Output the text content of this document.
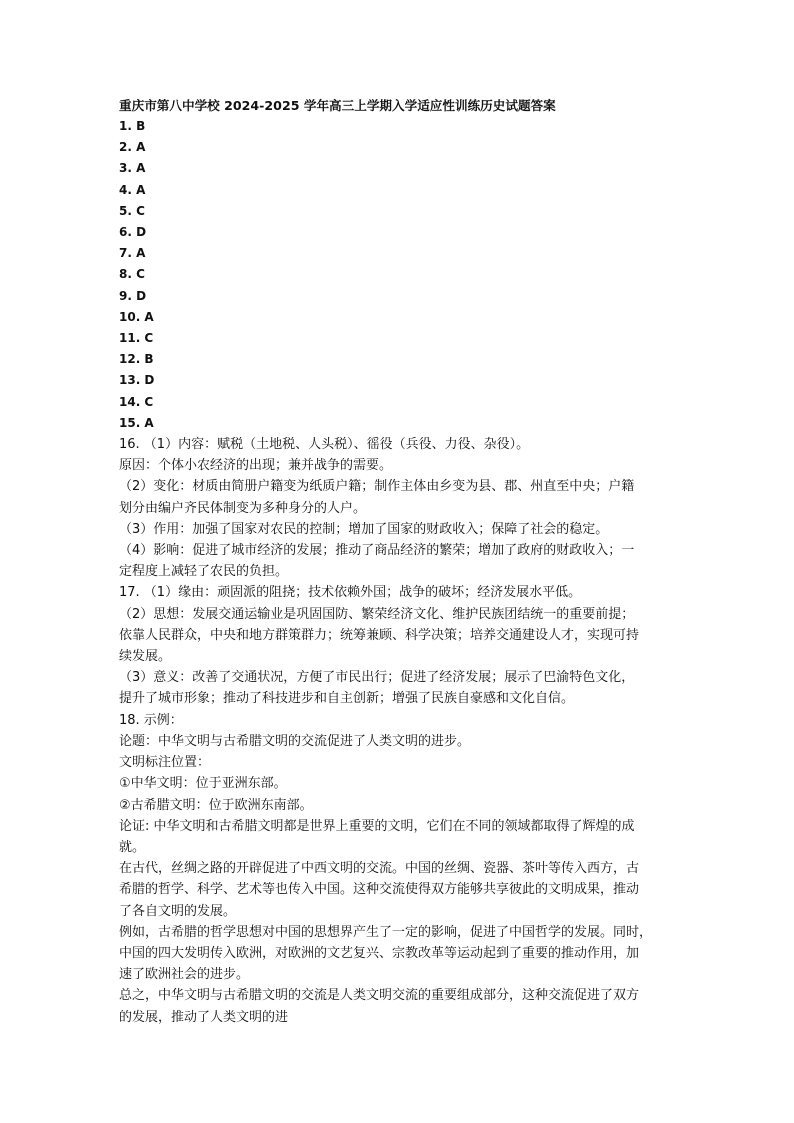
重庆市第八中学校 2024-2025 学年高三上学期入学适应性训练历史试题答案
1. B
2. A
3. A
4. A
5. C
6. D
7. A
8. C
9. D
10. A
11. C
12. B
13. D
14. C
15. A
16. （1）内容：赋税（土地税、人头税）、徭役（兵役、力役、杂役）。
原因：个体小农经济的出现；兼并战争的需要。
（2）变化：材质由简册户籍变为纸质户籍；制作主体由乡变为县、郡、州直至中央；户籍
划分由编户齐民体制变为多种身分的人户。
（3）作用：加强了国家对农民的控制；增加了国家的财政收入；保障了社会的稳定。
（4）影响：促进了城市经济的发展；推动了商品经济的繁荣；增加了政府的财政收入；一
定程度上减轻了农民的负担。
17. （1）缘由：顽固派的阻挠；技术依赖外国；战争的破坏；经济发展水平低。
（2）思想：发展交通运输业是巩固国防、繁荣经济文化、维护民族团结统一的重要前提；
依靠人民群众，中央和地方群策群力；统筹兼顾、科学决策；培养交通建设人才，实现可持
续发展。
（3）意义：改善了交通状况，方便了市民出行；促进了经济发展；展示了巴渝特色文化，
提升了城市形象；推动了科技进步和自主创新；增强了民族自豪感和文化自信。
18. 示例：
论题：中华文明与古希腊文明的交流促进了人类文明的进步。
文明标注位置：
①中华文明：位于亚洲东部。
②古希腊文明：位于欧洲东南部。
论证: 中华文明和古希腊文明都是世界上重要的文明，它们在不同的领域都取得了辉煌的成
就。
在古代，丝绸之路的开辟促进了中西文明的交流。中国的丝绸、瓷器、茶叶等传入西方，古
希腊的哲学、科学、艺术等也传入中国。这种交流使得双方能够共享彼此的文明成果，推动
了各自文明的发展。
例如，古希腊的哲学思想对中国的思想界产生了一定的影响，促进了中国哲学的发展。同时，
中国的四大发明传入欧洲，对欧洲的文艺复兴、宗教改革等运动起到了重要的推动作用，加
速了欧洲社会的进步。
总之，中华文明与古希腊文明的交流是人类文明交流的重要组成部分，这种交流促进了双方
的发展，推动了人类文明的进
